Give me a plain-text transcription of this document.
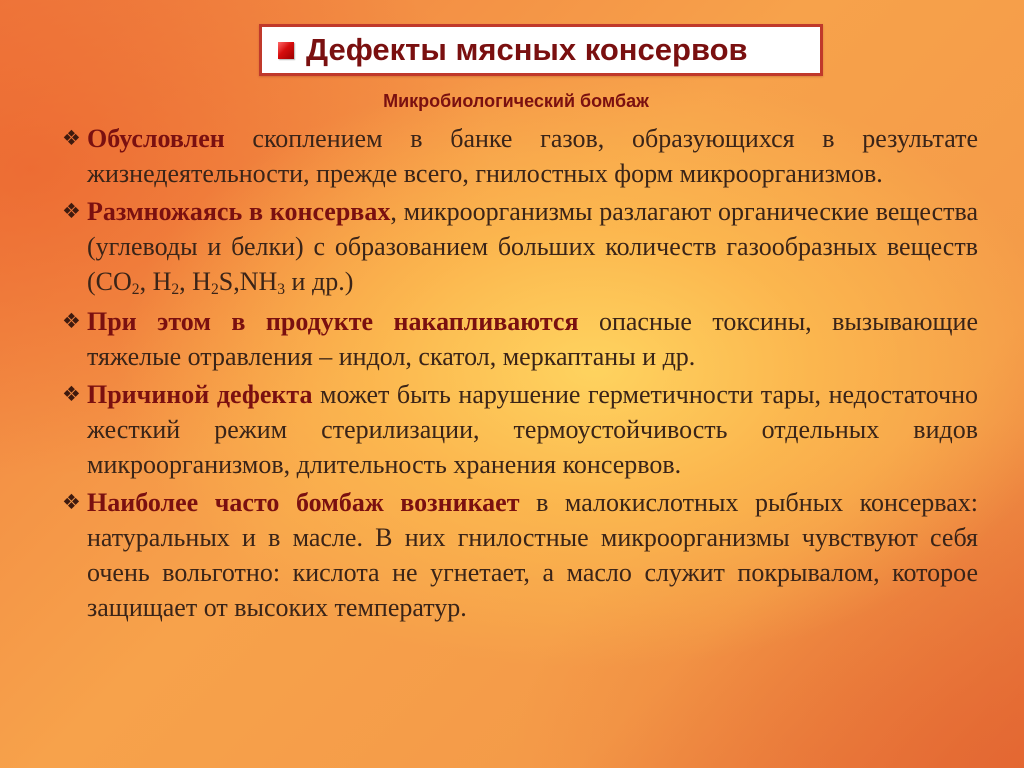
Дефекты мясных консервов
Микробиологический бомбаж
❖ Обусловлен скоплением в банке газов, образующихся в результате жизнедеятельности, прежде всего, гнилостных форм микроорганизмов.
❖ Размножаясь в консервах, микроорганизмы разлагают органические вещества (углеводы и белки) с образованием больших количеств газообразных веществ ($СО_2$, $Н_2$, $Н_2S,NH_3$ и др.)
❖ При этом в продукте накапливаются опасные токсины, вызывающие тяжелые отравления – индол, скатол, меркаптаны и др.
❖ Причиной дефекта может быть нарушение герметичности тары, недостаточно жесткий режим стерилизации, термоустойчивость отдельных видов микроорганизмов, длительность хранения консервов.
❖ Наиболее часто бомбаж возникает в малокислотных рыбных консервах: натуральных и в масле. В них гнилостные микроорганизмы чувствуют себя очень вольготно: кислота не угнетает, а масло служит покрывалом, которое защищает от высоких температур.
